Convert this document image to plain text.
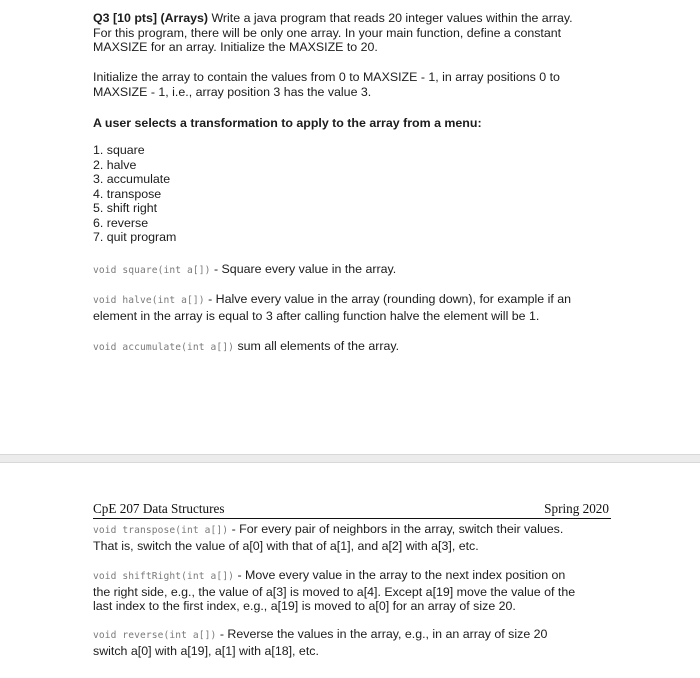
Q3 [10 pts] (Arrays) Write a java program that reads 20 integer values within the array.
For this program, there will be only one array. In your main function, define a constant
MAXSIZE for an array. Initialize the MAXSIZE to 20.

Initialize the array to contain the values from 0 to MAXSIZE - 1, in array positions 0 to
MAXSIZE - 1, i.e., array position 3 has the value 3.

A user selects a transformation to apply to the array from a menu:

1. square
2. halve
3. accumulate
4. transpose
5. shift right
6. reverse
7. quit program

void square(int a[]) - Square every value in the array.

void halve(int a[]) - Halve every value in the array (rounding down), for example if an
element in the array is equal to 3 after calling function halve the element will be 1.

void accumulate(int a[]) sum all elements of the array.

CpE 207 Data Structures	Spring 2020

void transpose(int a[]) - For every pair of neighbors in the array, switch their values.
That is, switch the value of a[0] with that of a[1], and a[2] with a[3], etc.

void shiftRight(int a[]) - Move every value in the array to the next index position on
the right side, e.g., the value of a[3] is moved to a[4]. Except a[19] move the value of the
last index to the first index, e.g., a[19] is moved to a[0] for an array of size 20.

void reverse(int a[]) - Reverse the values in the array, e.g., in an array of size 20
switch a[0] with a[19], a[1] with a[18], etc.
